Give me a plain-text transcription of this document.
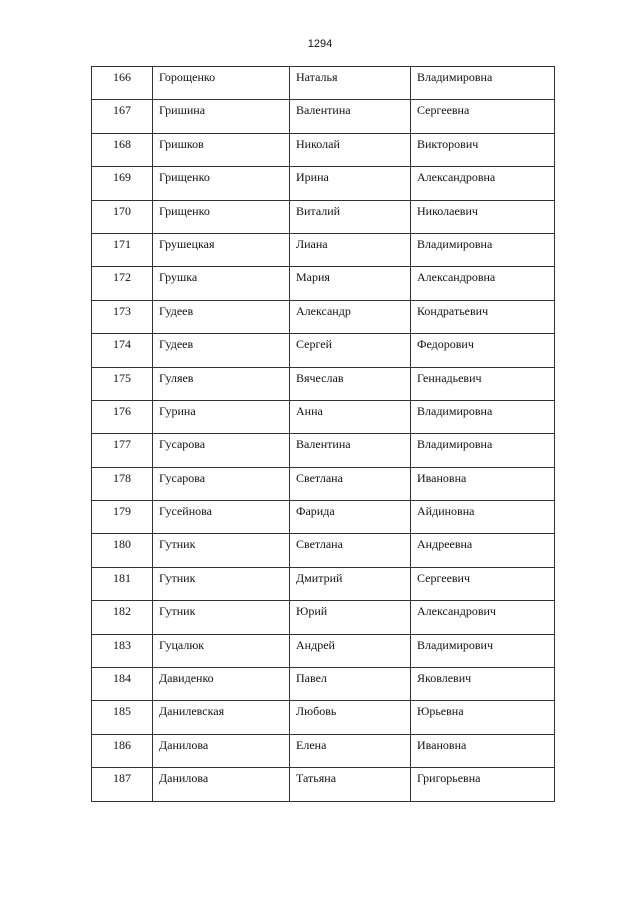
1294
166	Горощенко	Наталья	Владимировна
167	Гришина	Валентина	Сергеевна
168	Гришков	Николай	Викторович
169	Грищенко	Ирина	Александровна
170	Грищенко	Виталий	Николаевич
171	Грушецкая	Лиана	Владимировна
172	Грушка	Мария	Александровна
173	Гудеев	Александр	Кондратьевич
174	Гудеев	Сергей	Федорович
175	Гуляев	Вячеслав	Геннадьевич
176	Гурина	Анна	Владимировна
177	Гусарова	Валентина	Владимировна
178	Гусарова	Светлана	Ивановна
179	Гусейнова	Фарида	Айдиновна
180	Гутник	Светлана	Андреевна
181	Гутник	Дмитрий	Сергеевич
182	Гутник	Юрий	Александрович
183	Гуцалюк	Андрей	Владимирович
184	Давиденко	Павел	Яковлевич
185	Данилевская	Любовь	Юрьевна
186	Данилова	Елена	Ивановна
187	Данилова	Татьяна	Григорьевна
